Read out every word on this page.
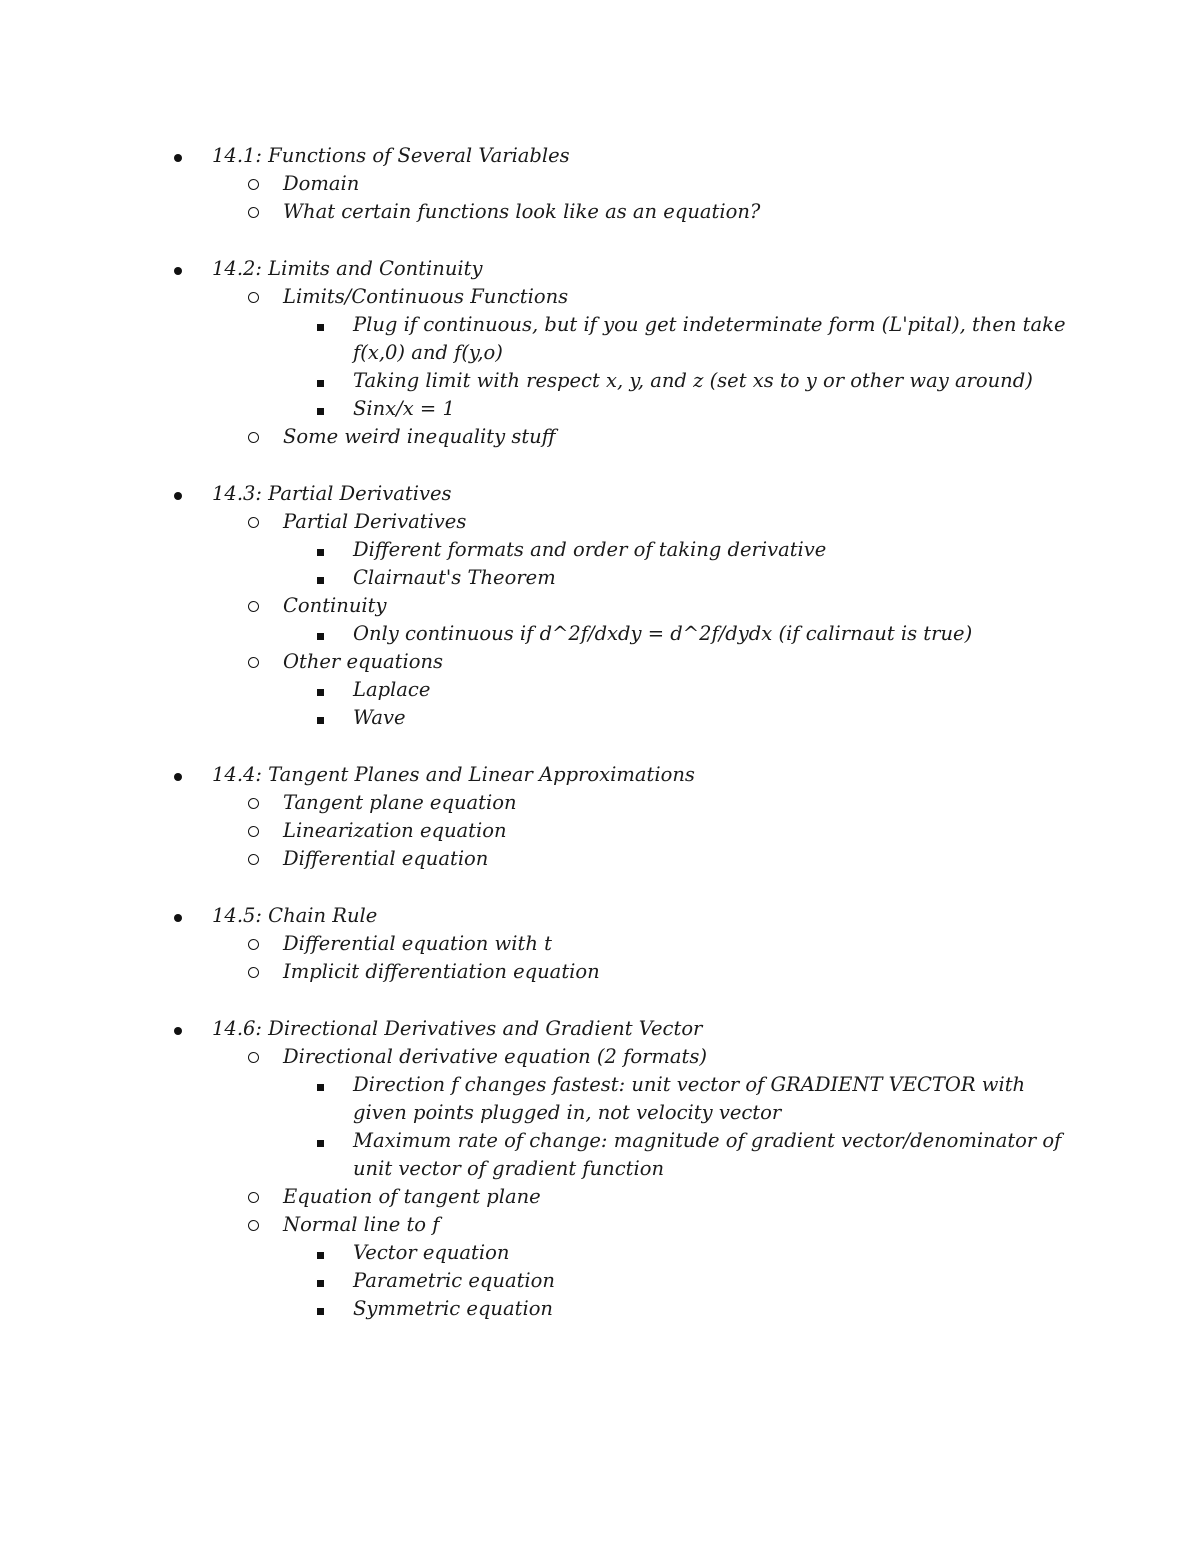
14.1: Functions of Several Variables
Domain
What certain functions look like as an equation?
14.2: Limits and Continuity
Limits/Continuous Functions
Plug if continuous, but if you get indeterminate form (L'pital), then take f(x,0) and f(y,o)
Taking limit with respect x, y, and z (set xs to y or other way around)
Sinx/x = 1
Some weird inequality stuff
14.3: Partial Derivatives
Partial Derivatives
Different formats and order of taking derivative
Clairnaut's Theorem
Continuity
Only continuous if d^2f/dxdy = d^2f/dydx (if calirnaut is true)
Other equations
Laplace
Wave
14.4: Tangent Planes and Linear Approximations
Tangent plane equation
Linearization equation
Differential equation
14.5: Chain Rule
Differential equation with t
Implicit differentiation equation
14.6: Directional Derivatives and Gradient Vector
Directional derivative equation (2 formats)
Direction f changes fastest: unit vector of GRADIENT VECTOR with given points plugged in, not velocity vector
Maximum rate of change: magnitude of gradient vector/denominator of unit vector of gradient function
Equation of tangent plane
Normal line to f
Vector equation
Parametric equation
Symmetric equation
